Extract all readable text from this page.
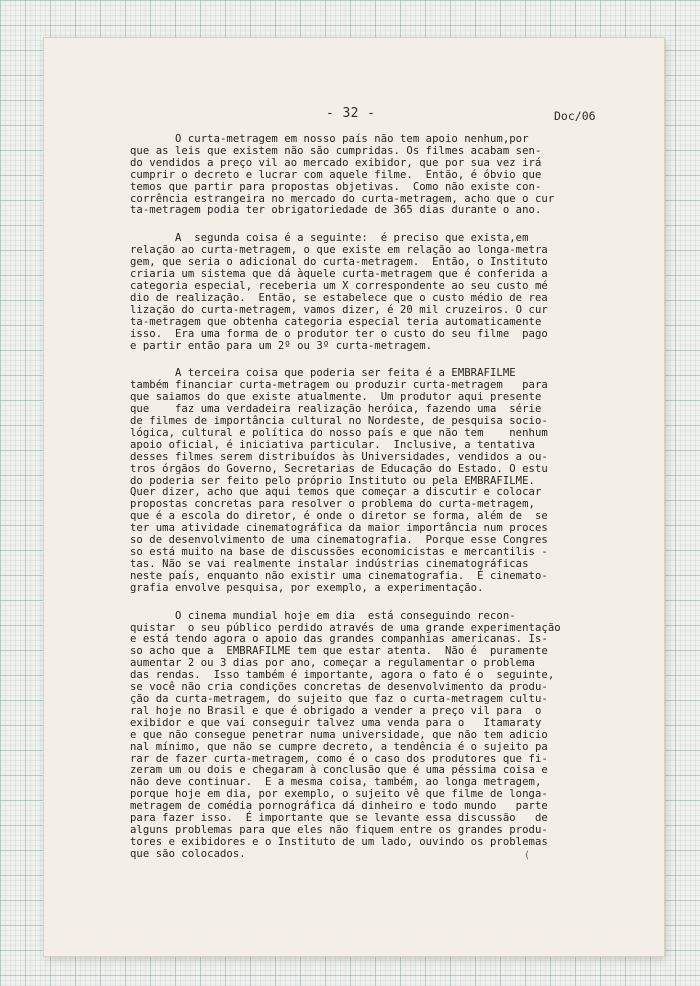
- 32 -	Doc/06

O curta-metragem em nosso país não tem apoio nenhum,por
que as leis que existem não são cumpridas. Os filmes acabam sen-
do vendidos a preço vil ao mercado exibidor, que por sua vez irá
cumprir o decreto e lucrar com aquele filme.  Então, é óbvio que
temos que partir para propostas objetivas.  Como não existe con-
corrência estrangeira no mercado do curta-metragem, acho que o cur
ta-metragem podia ter obrigatoriedade de 365 dias durante o ano.

A  segunda coisa é a seguinte:  é preciso que exista,em
relação ao curta-metragem, o que existe em relação ao longa-metra
gem, que seria o adicional do curta-metragem.  Então, o Instituto
criaria um sistema que dá àquele curta-metragem que é conferida a
categoria especial, receberia um X correspondente ao seu custo mé
dio de realização.  Então, se estabelece que o custo médio de rea
lização do curta-metragem, vamos dizer, é 20 mil cruzeiros. O cur
ta-metragem que obtenha categoria especial teria automaticamente
isso.  Era uma forma de o produtor ter o custo do seu filme  pago
e partir então para um 2º ou 3º curta-metragem.

A terceira coisa que poderia ser feita é a EMBRAFILME
também financiar curta-metragem ou produzir curta-metragem   para
que saiamos do que existe atualmente.  Um produtor aqui presente
que    faz uma verdadeira realização heróica, fazendo uma  série
de filmes de importância cultural no Nordeste, de pesquisa socio-
lógica, cultural e política do nosso país e que não tem    nenhum
apoio oficial, é iniciativa particular.  Inclusive, a tentativa
desses filmes serem distribuídos às Universidades, vendidos a ou-
tros órgãos do Governo, Secretarias de Educação do Estado. O estu
do poderia ser feito pelo próprio Instituto ou pela EMBRAFILME.
Quer dizer, acho que aqui temos que começar a discutir e colocar
propostas concretas para resolver o problema do curta-metragem,
que é a escola do diretor, é onde o diretor se forma, além de  se
ter uma atividade cinematográfica da maior importância num proces
so de desenvolvimento de uma cinematografia.  Porque esse Congres
so está muito na base de discussões economicistas e mercantilis -
tas. Não se vai realmente instalar indústrias cinematográficas
neste país, enquanto não existir uma cinematografia.  É cinemato-
grafia envolve pesquisa, por exemplo, a experimentação.

O cinema mundial hoje em dia  está conseguindo recon-
quistar  o seu público perdido através de uma grande experimentação
e está tendo agora o apoio das grandes companhias americanas. Is-
so acho que a  EMBRAFILME tem que estar atenta.  Não é  puramente
aumentar 2 ou 3 dias por ano, começar a regulamentar o problema
das rendas.  Isso também é importante, agora o fato é o  seguinte,
se você não cria condições concretas de desenvolvimento da produ-
ção da curta-metragem, do sujeito que faz o curta-metragem cultu-
ral hoje no Brasil e que é obrigado a vender a preço vil para  o
exibidor e que vai conseguir talvez uma venda para o   Itamaraty
e que não consegue penetrar numa universidade, que não tem adicio
nal mínimo, que não se cumpre decreto, a tendência é o sujeito pa
rar de fazer curta-metragem, como é o caso dos produtores que fi-
zeram um ou dois e chegaram à conclusão que é uma péssima coisa e
não deve continuar.  E a mesma coisa, também, ao longa metragem,
porque hoje em dia, por exemplo, o sujeito vê que filme de longa-
metragem de comédia pornográfica dá dinheiro e todo mundo   parte
para fazer isso.  É importante que se levante essa discussão   de
alguns problemas para que eles não fiquem entre os grandes produ-
tores e exibidores e o Instituto de um lado, ouvindo os problemas
que são colocados.	(
